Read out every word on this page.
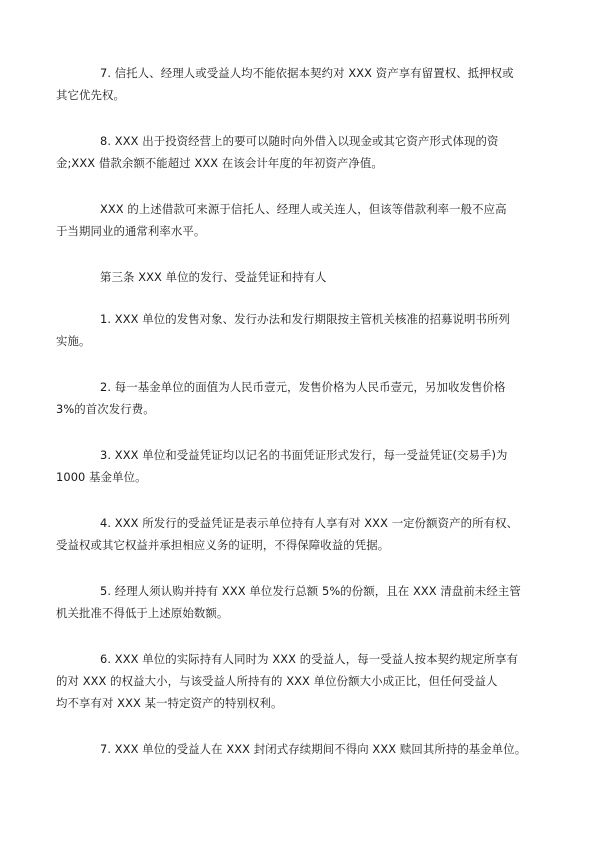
7. 信托人、经理人或受益人均不能依据本契约对 XXX 资产享有留置权、抵押权或
其它优先权。

8. XXX 出于投资经营上的要可以随时向外借入以现金或其它资产形式体现的资
金;XXX 借款余额不能超过 XXX 在该会计年度的年初资产净值。

XXX 的上述借款可来源于信托人、经理人或关连人，但该等借款利率一般不应高
于当期同业的通常利率水平。

第三条 XXX 单位的发行、受益凭证和持有人

1. XXX 单位的发售对象、发行办法和发行期限按主管机关核准的招募说明书所列
实施。

2. 每一基金单位的面值为人民币壹元，发售价格为人民币壹元，另加收发售价格
3%的首次发行费。

3. XXX 单位和受益凭证均以记名的书面凭证形式发行，每一受益凭证(交易手)为
1000 基金单位。

4. XXX 所发行的受益凭证是表示单位持有人享有对 XXX 一定份额资产的所有权、
受益权或其它权益并承担相应义务的证明，不得保障收益的凭据。

5. 经理人须认购并持有 XXX 单位发行总额 5%的份额，且在 XXX 清盘前未经主管
机关批准不得低于上述原始数额。

6. XXX 单位的实际持有人同时为 XXX 的受益人，每一受益人按本契约规定所享有
的对 XXX 的权益大小，与该受益人所持有的 XXX 单位份额大小成正比，但任何受益人
均不享有对 XXX 某一特定资产的特别权利。

7. XXX 单位的受益人在 XXX 封闭式存续期间不得向 XXX 赎回其所持的基金单位。
